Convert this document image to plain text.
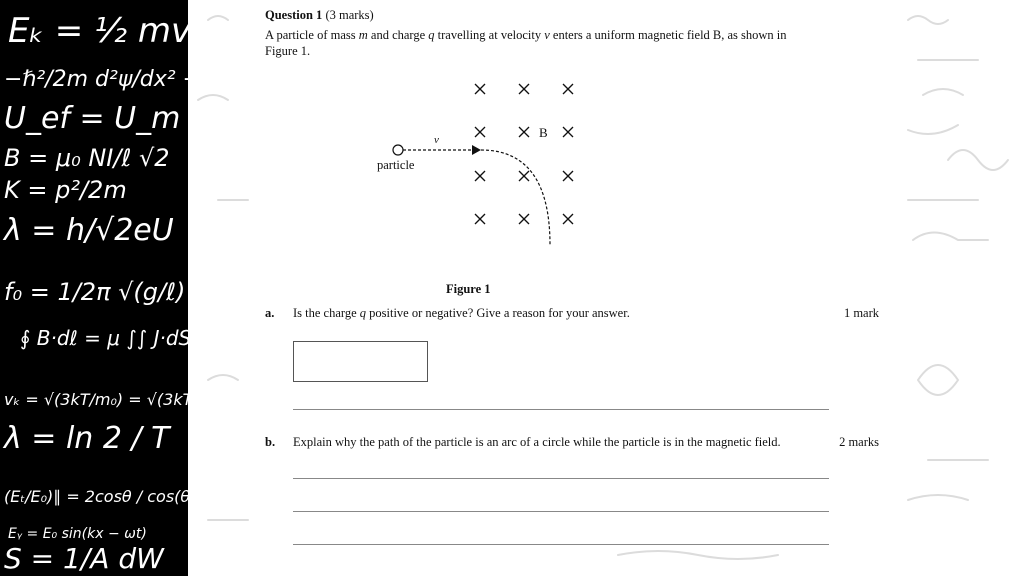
Eₖ = ½ mv
−ℏ²/2m d²ψ/dx² + Vψ = Eψ
U_ef = U_m
B = μ₀ NI/ℓ √2
K = p²/2m
λ = h/√2eU
f₀ = 1/2π √(g/ℓ)
∮ B·dℓ = μ ∫∫ J·dS
vₖ = √(3kT/m₀) = √(3kTN/Mₘ)
λ = ln 2 / T
(Eₜ/E₀)∥ = 2cosθ / cos(θ
Eᵧ = E₀ sin(kx − ωt)
S = 1/A dW
Question 1 (3 marks)
A particle of mass m and charge q travelling at velocity v enters a uniform magnetic field B, as shown in
Figure 1.
Figure 1
a. Is the charge q positive or negative? Give a reason for your answer.	1 mark
b. Explain why the path of the particle is an arc of a circle while the particle is in the magnetic field.	2 marks
B
particle
v
